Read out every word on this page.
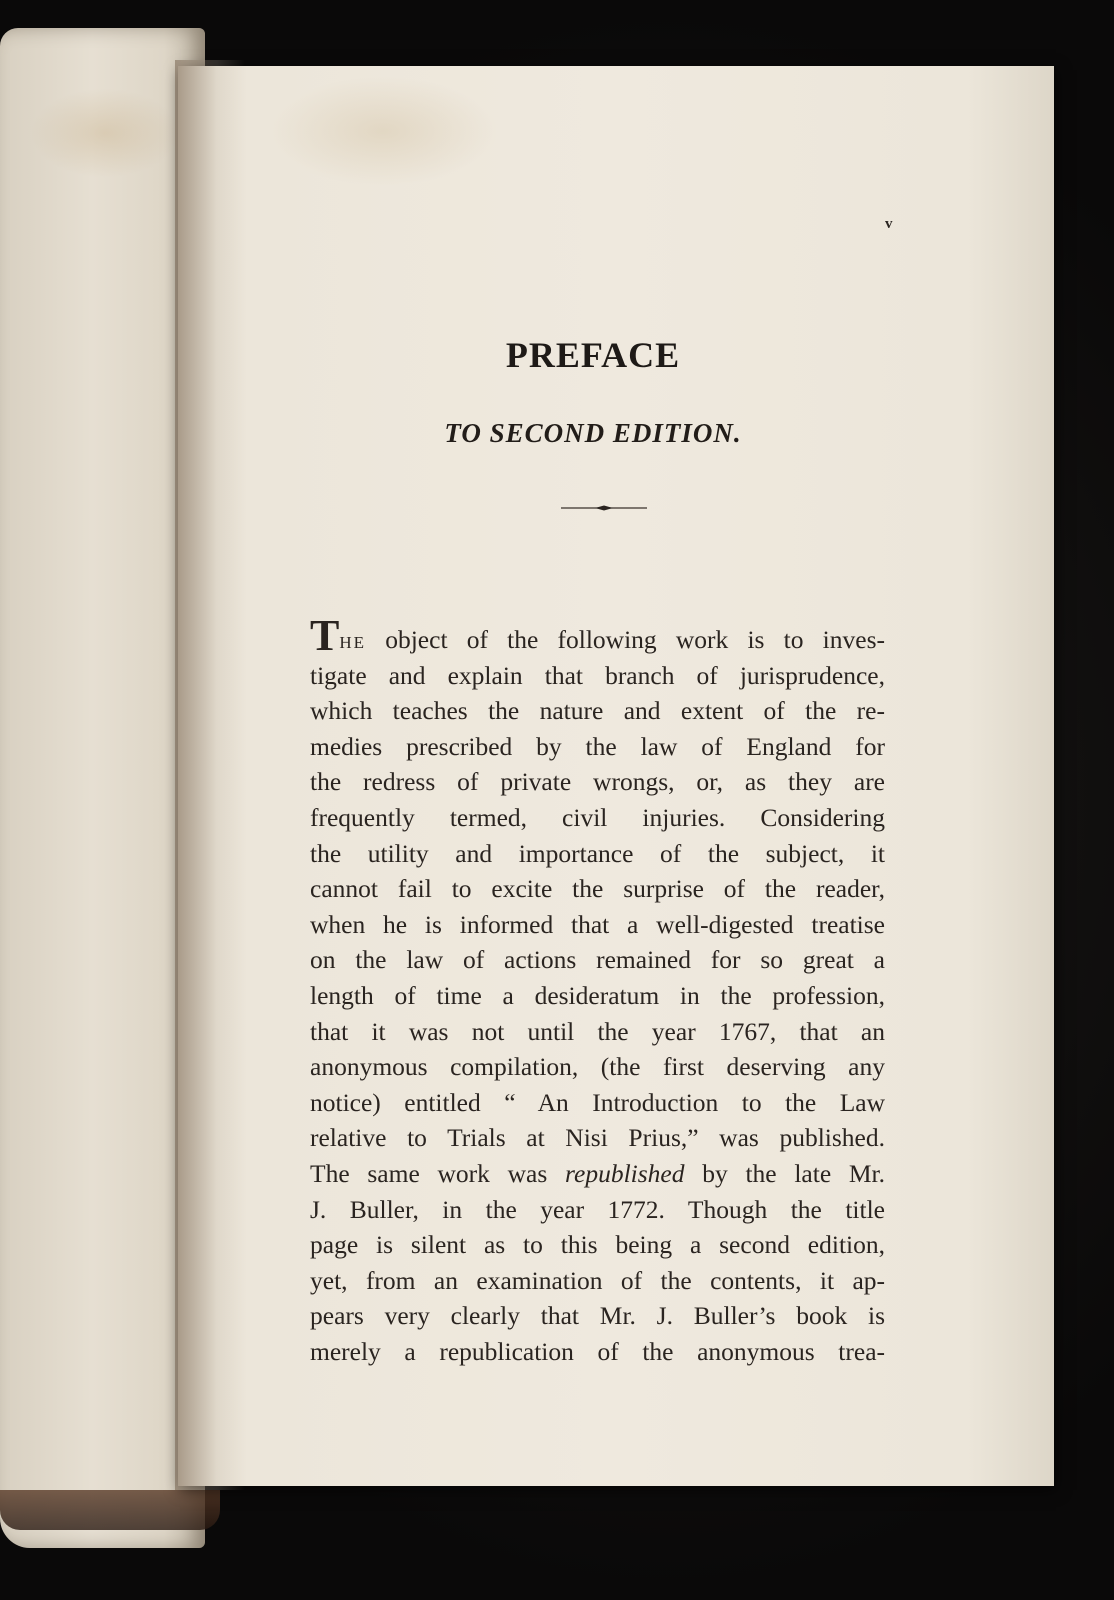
v
PREFACE
TO SECOND EDITION.
THE object of the following work is to inves-
tigate and explain that branch of jurisprudence,
which teaches the nature and extent of the re-
medies prescribed by the law of England for
the redress of private wrongs, or, as they are
frequently termed, civil injuries. Considering
the utility and importance of the subject, it
cannot fail to excite the surprise of the reader,
when he is informed that a well-digested treatise
on the law of actions remained for so great a
length of time a desideratum in the profession,
that it was not until the year 1767, that an
anonymous compilation, (the first deserving any
notice) entitled “ An Introduction to the Law
relative to Trials at Nisi Prius,” was published.
The same work was republished by the late Mr.
J. Buller, in the year 1772. Though the title
page is silent as to this being a second edition,
yet, from an examination of the contents, it ap-
pears very clearly that Mr. J. Buller’s book is
merely a republication of the anonymous trea-
